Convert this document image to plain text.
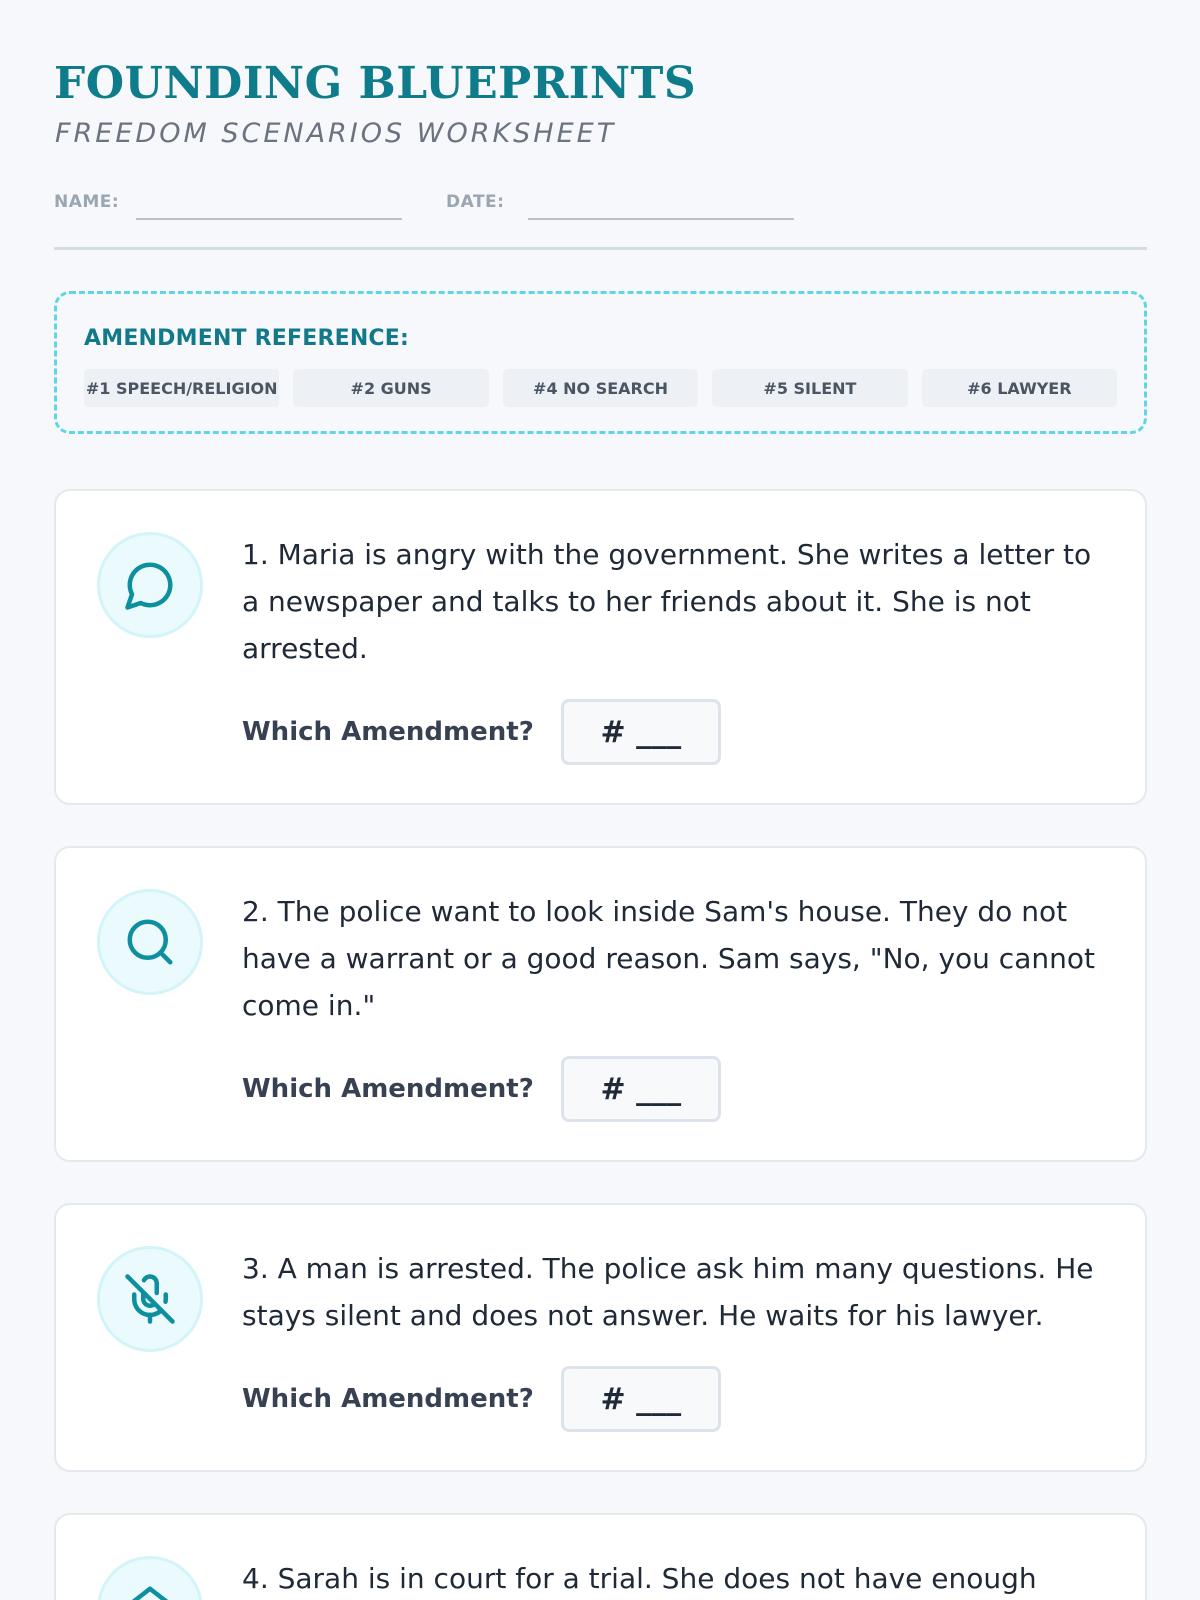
FOUNDING BLUEPRINTS
FREEDOM SCENARIOS WORKSHEET
NAME:	DATE:
AMENDMENT REFERENCE:
#1 SPEECH/RELIGION	#2 GUNS	#4 NO SEARCH	#5 SILENT	#6 LAWYER
1. Maria is angry with the government. She writes a letter to a newspaper and talks to her friends about it. She is not arrested.
Which Amendment?	# ___
2. The police want to look inside Sam's house. They do not have a warrant or a good reason. Sam says, "No, you cannot come in."
Which Amendment?	# ___
3. A man is arrested. The police ask him many questions. He stays silent and does not answer. He waits for his lawyer.
Which Amendment?	# ___
4. Sarah is in court for a trial. She does not have enough
